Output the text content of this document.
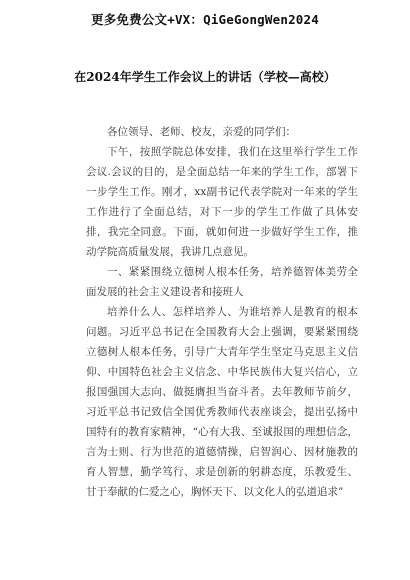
更多免费公文+VX：QiGeGongWen2024
在2024年学生工作会议上的讲话（学校—高校）

各位领导、老师、校友，亲爱的同学们：

下午，按照学院总体安排，我们在这里举行学生工作会议.会议的目的，是全面总结一年来的学生工作，部署下一步学生工作。刚才，xx副书记代表学院对一年来的学生工作进行了全面总结，对下一步的学生工作做了具体安排，我完全同意。下面，就如何进一步做好学生工作，推动学院高质量发展，我讲几点意见。

一、紧紧围绕立德树人根本任务，培养德智体美劳全面发展的社会主义建设者和接班人

培养什么人、怎样培养人、为谁培养人是教育的根本问题。习近平总书记在全国教育大会上强调，要紧紧围绕立德树人根本任务，引导广大青年学生坚定马克思主义信仰、中国特色社会主义信念、中华民族伟大复兴信心，立报国强国大志向、做挺膺担当奋斗者。去年教师节前夕，习近平总书记致信全国优秀教师代表座谈会，提出弘扬中国特有的教育家精神，“心有大我、至诚报国的理想信念，言为士则、行为世范的道德情操，启智润心、因材施教的育人智慧，勤学笃行、求是创新的躬耕态度，乐教爱生、甘于奉献的仁爱之心，胸怀天下、以文化人的弘道追求”
